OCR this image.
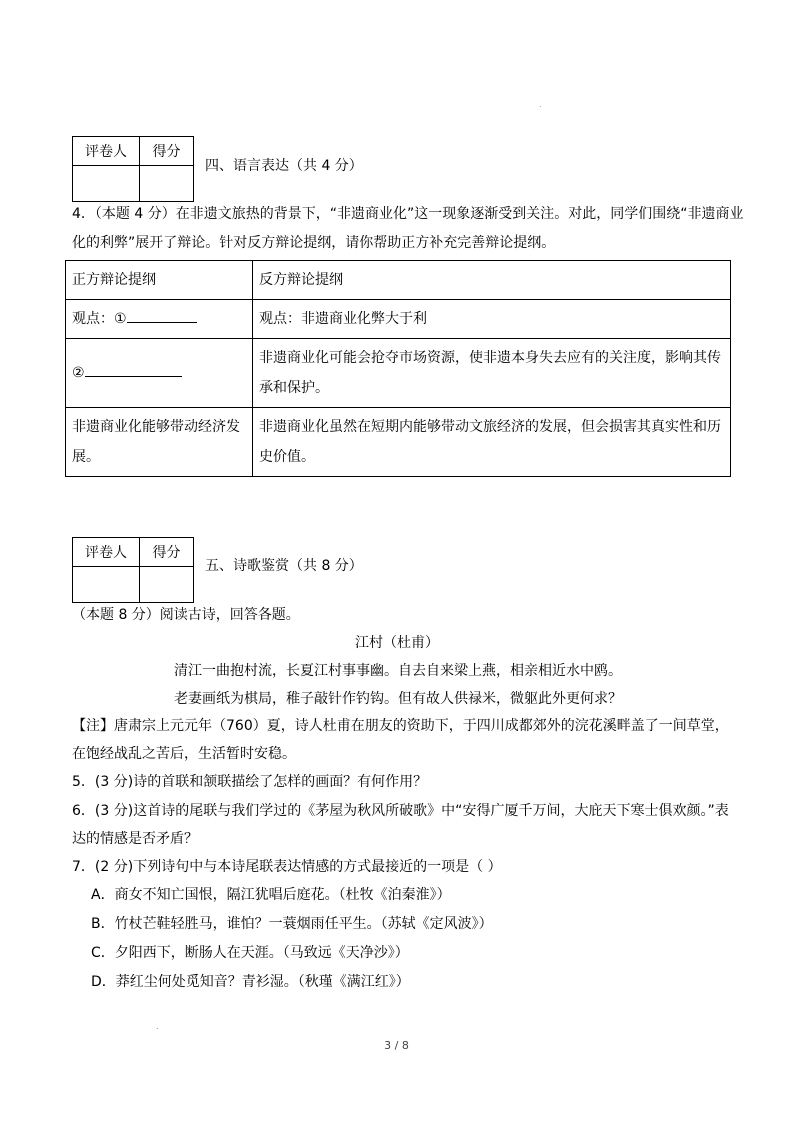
.
评卷人	得分

四、语言表达（共 4 分）
4．（本题 4 分）在非遗文旅热的背景下，“非遗商业化”这一现象逐渐受到关注。对此，同学们围绕“非遗商业
化的利弊”展开了辩论。针对反方辩论提纲，请你帮助正方补充完善辩论提纲。
正方辩论提纲	反方辩论提纲
观点：①	观点：非遗商业化弊大于利
②	非遗商业化可能会抢夺市场资源，使非遗本身失去应有的关注度，影响其传承和保护。
非遗商业化能够带动经济发展。	非遗商业化虽然在短期内能够带动文旅经济的发展，但会损害其真实性和历史价值。
评卷人	得分

五、诗歌鉴赏（共 8 分）
（本题 8 分）阅读古诗，回答各题。
江村（杜甫）
清江一曲抱村流，长夏江村事事幽。自去自来梁上燕，相亲相近水中鸥。
老妻画纸为棋局，稚子敲针作钓钩。但有故人供禄米，微躯此外更何求？
【注】唐肃宗上元元年（760）夏，诗人杜甫在朋友的资助下，于四川成都郊外的浣花溪畔盖了一间草堂，
在饱经战乱之苦后，生活暂时安稳。
5．(3 分)诗的首联和颔联描绘了怎样的画面？有何作用？
6．(3 分)这首诗的尾联与我们学过的《茅屋为秋风所破歌》中“安得广厦千万间，大庇天下寒士俱欢颜。”表
达的情感是否矛盾？
7．(2 分)下列诗句中与本诗尾联表达情感的方式最接近的一项是（ ）
A．商女不知亡国恨，隔江犹唱后庭花。（杜牧《泊秦淮》）
B．竹杖芒鞋轻胜马，谁怕？一蓑烟雨任平生。（苏轼《定风波》）
C．夕阳西下，断肠人在天涯。（马致远《天净沙》）
D．莽红尘何处觅知音？青衫湿。（秋瑾《满江红》）
.
3 / 8
